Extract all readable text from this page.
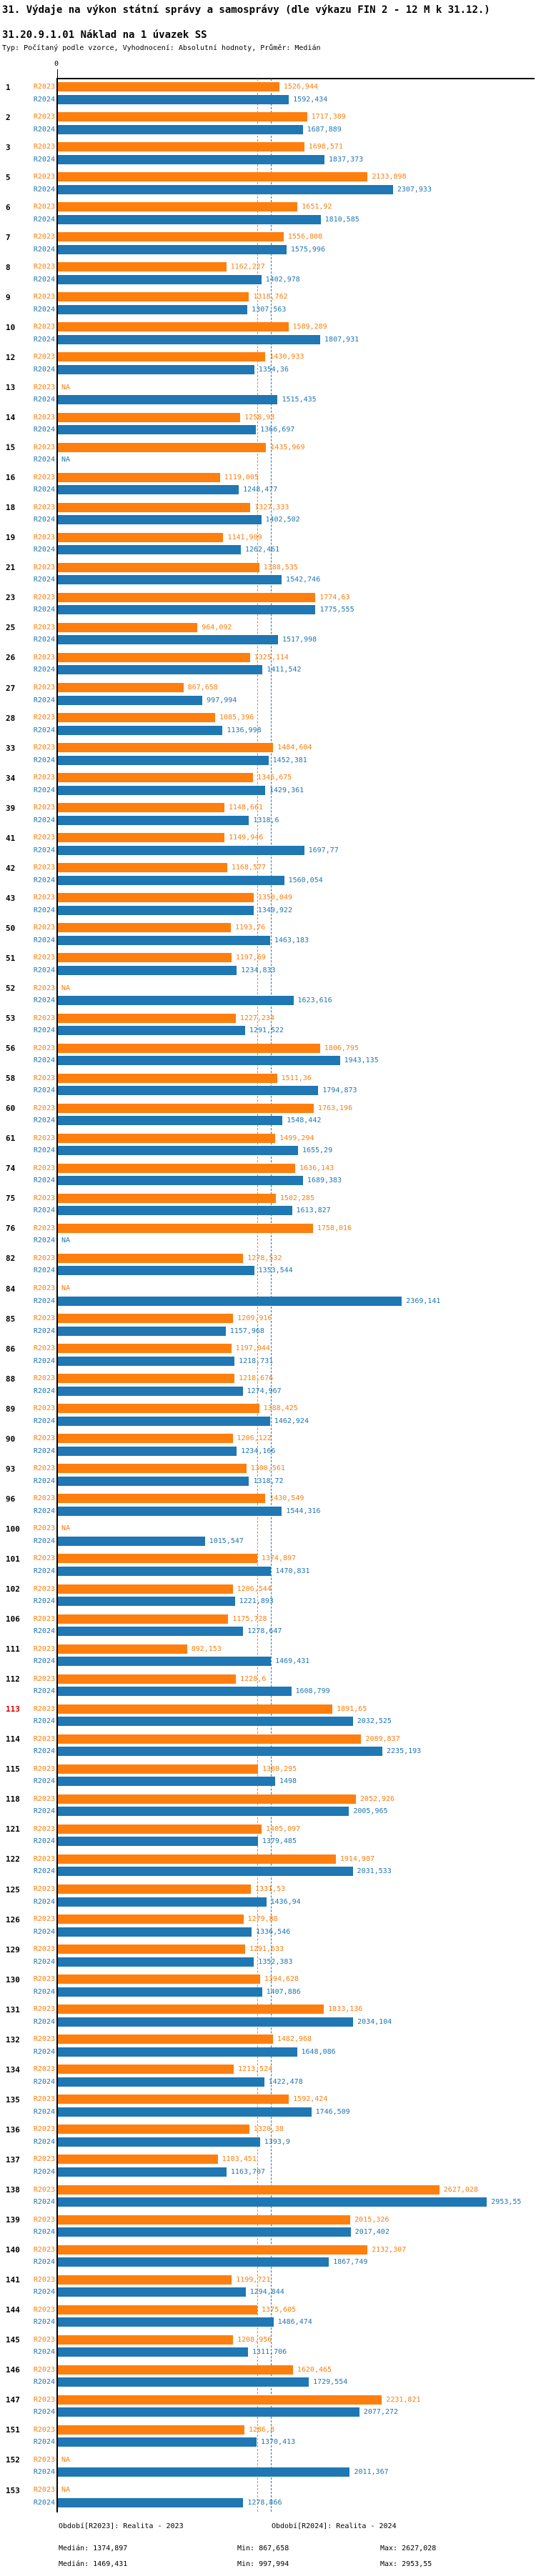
31. Výdaje na výkon státní správy a samosprávy (dle výkazu FIN 2 - 12 M k 31.12.)
31.20.9.1.01 Náklad na 1 úvazek SS
Typ: Počítaný podle vzorce, Vyhodnocení: Absolutní hodnoty, Průměr: Medián
0
1	R2023	1526,944
R2024	1592,434
2	R2023	1717,389
R2024	1687,889
3	R2023	1698,571
R2024	1837,373
5	R2023	2133,898
R2024	2307,933
6	R2023	1651,92
R2024	1810,585
7	R2023	1556,808
R2024	1575,996
8	R2023	1162,227
R2024	1402,978
9	R2023	1318,762
R2024	1307,563
10	R2023	1589,289
R2024	1807,931
12	R2023	1430,933
R2024	1354,36
13	R2023 NA
R2024	1515,435
14	R2023	1258,93
R2024	1366,697
15	R2023	1435,969
R2024 NA
16	R2023	1119,005
R2024	1248,477
18	R2023	1327,333
R2024	1402,502
19	R2023	1141,909
R2024	1262,461
21	R2023	1388,535
R2024	1542,746
23	R2023	1774,63
R2024	1775,555
25	R2023	964,092
R2024	1517,998
26	R2023	1325,114
R2024	1411,542
27	R2023	867,658
R2024	997,994
28	R2023	1085,396
R2024	1136,998
33	R2023	1484,604
R2024	1452,381
34	R2023	1346,675
R2024	1429,361
39	R2023	1148,661
R2024	1318,6
41	R2023	1149,946
R2024	1697,77
42	R2023	1168,577
R2024	1560,054
43	R2023	1350,049
R2024	1349,922
50	R2023	1193,76
R2024	1463,183
51	R2023	1197,69
R2024	1234,833
52	R2023 NA
R2024	1623,616
53	R2023	1227,234
R2024	1291,522
56	R2023	1806,795
R2024	1943,135
58	R2023	1511,36
R2024	1794,873
60	R2023	1763,196
R2024	1548,442
61	R2023	1499,294
R2024	1655,29
74	R2023	1636,143
R2024	1689,383
75	R2023	1502,285
R2024	1613,827
76	R2023	1758,016
R2024 NA
82	R2023	1278,532
R2024	1353,544
84	R2023 NA
R2024	2369,141
85	R2023	1209,916
R2024	1157,968
86	R2023	1197,044
R2024	1218,731
88	R2023	1218,676
R2024	1274,967
89	R2023	1388,425
R2024	1462,924
90	R2023	1206,122
R2024	1234,166
93	R2023	1300,561
R2024	1318,72
96	R2023	1430,549
R2024	1544,316
100	R2023 NA
R2024	1015,547
101	R2023	1374,897
R2024	1470,831
102	R2023	1206,544
R2024	1221,893
106	R2023	1175,728
R2024	1278,647
111	R2023	892,153
R2024	1469,431
112	R2023	1228,6
R2024	1608,799
113	R2023	1891,65
R2024	2032,525
114	R2023	2089,837
R2024	2235,193
115	R2023	1380,295
R2024	1498
118	R2023	2052,926
R2024	2005,965
121	R2023	1405,097
R2024	1379,485
122	R2023	1914,987
R2024	2031,533
125	R2023	1331,53
R2024	1436,94
126	R2023	1279,88
R2024	1336,546
129	R2023	1291,633
R2024	1352,383
130	R2023	1394,628
R2024	1407,886
131	R2023	1833,136
R2024	2034,104
132	R2023	1482,968
R2024	1648,086
134	R2023	1213,524
R2024	1422,478
135	R2023	1592,424
R2024	1746,509
136	R2023	1320,38
R2024	1393,9
137	R2023	1103,451
R2024	1163,707
138	R2023	2627,028
R2024	2953,55
139	R2023	2015,326
R2024	2017,402
140	R2023	2132,307
R2024	1867,749
141	R2023	1199,721
R2024	1294,844
144	R2023	1375,605
R2024	1486,474
145	R2023	1208,956
R2024	1311,706
146	R2023	1620,465
R2024	1729,554
147	R2023	2231,821
R2024	2077,272
151	R2023	1286,8
R2024	1370,413
152	R2023 NA
R2024	2011,367
153	R2023 NA
R2024	1278,866
Období[R2023]: Realita - 2023	Období[R2024]: Realita - 2024
Medián: 1374,897	Min: 867,658	Max: 2627,028
Medián: 1469,431	Min: 997,994	Max: 2953,55
